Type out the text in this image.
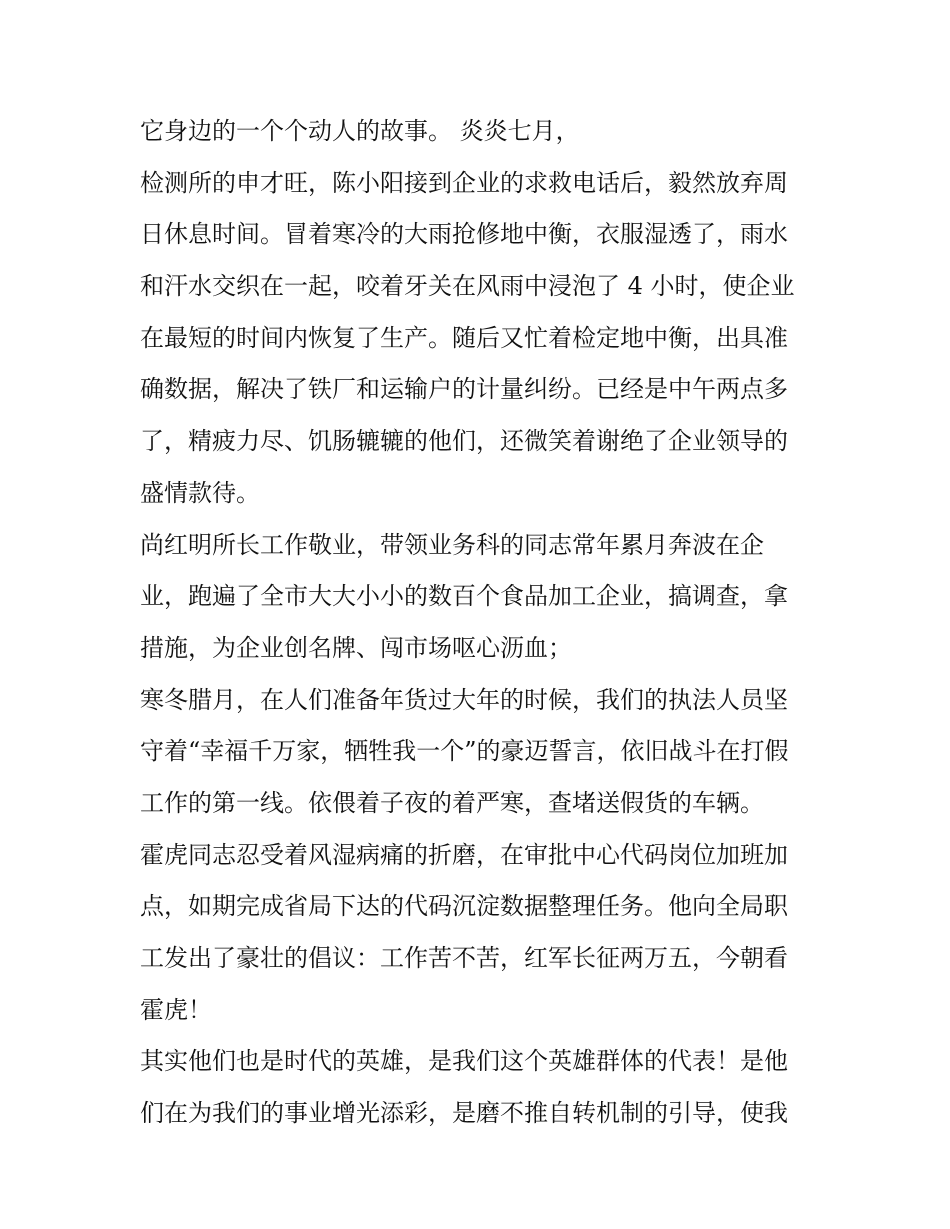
它身边的一个个动人的故事。 炎炎七月，
检测所的申才旺，陈小阳接到企业的求救电话后，毅然放弃周
日休息时间。冒着寒冷的大雨抢修地中衡，衣服湿透了，雨水
和汗水交织在一起，咬着牙关在风雨中浸泡了 4 小时，使企业
在最短的时间内恢复了生产。随后又忙着检定地中衡，出具准
确数据，解决了铁厂和运输户的计量纠纷。已经是中午两点多
了，精疲力尽、饥肠辘辘的他们，还微笑着谢绝了企业领导的
盛情款待。
尚红明所长工作敬业，带领业务科的同志常年累月奔波在企
业，跑遍了全市大大小小的数百个食品加工企业，搞调查，拿
措施，为企业创名牌、闯市场呕心沥血；
寒冬腊月，在人们准备年货过大年的时候，我们的执法人员坚
守着“幸福千万家，牺牲我一个”的豪迈誓言，依旧战斗在打假
工作的第一线。依偎着子夜的着严寒，查堵送假货的车辆。
霍虎同志忍受着风湿病痛的折磨，在审批中心代码岗位加班加
点，如期完成省局下达的代码沉淀数据整理任务。他向全局职
工发出了豪壮的倡议：工作苦不苦，红军长征两万五，今朝看
霍虎！
其实他们也是时代的英雄，是我们这个英雄群体的代表！是他
们在为我们的事业增光添彩，是磨不推自转机制的引导，使我
